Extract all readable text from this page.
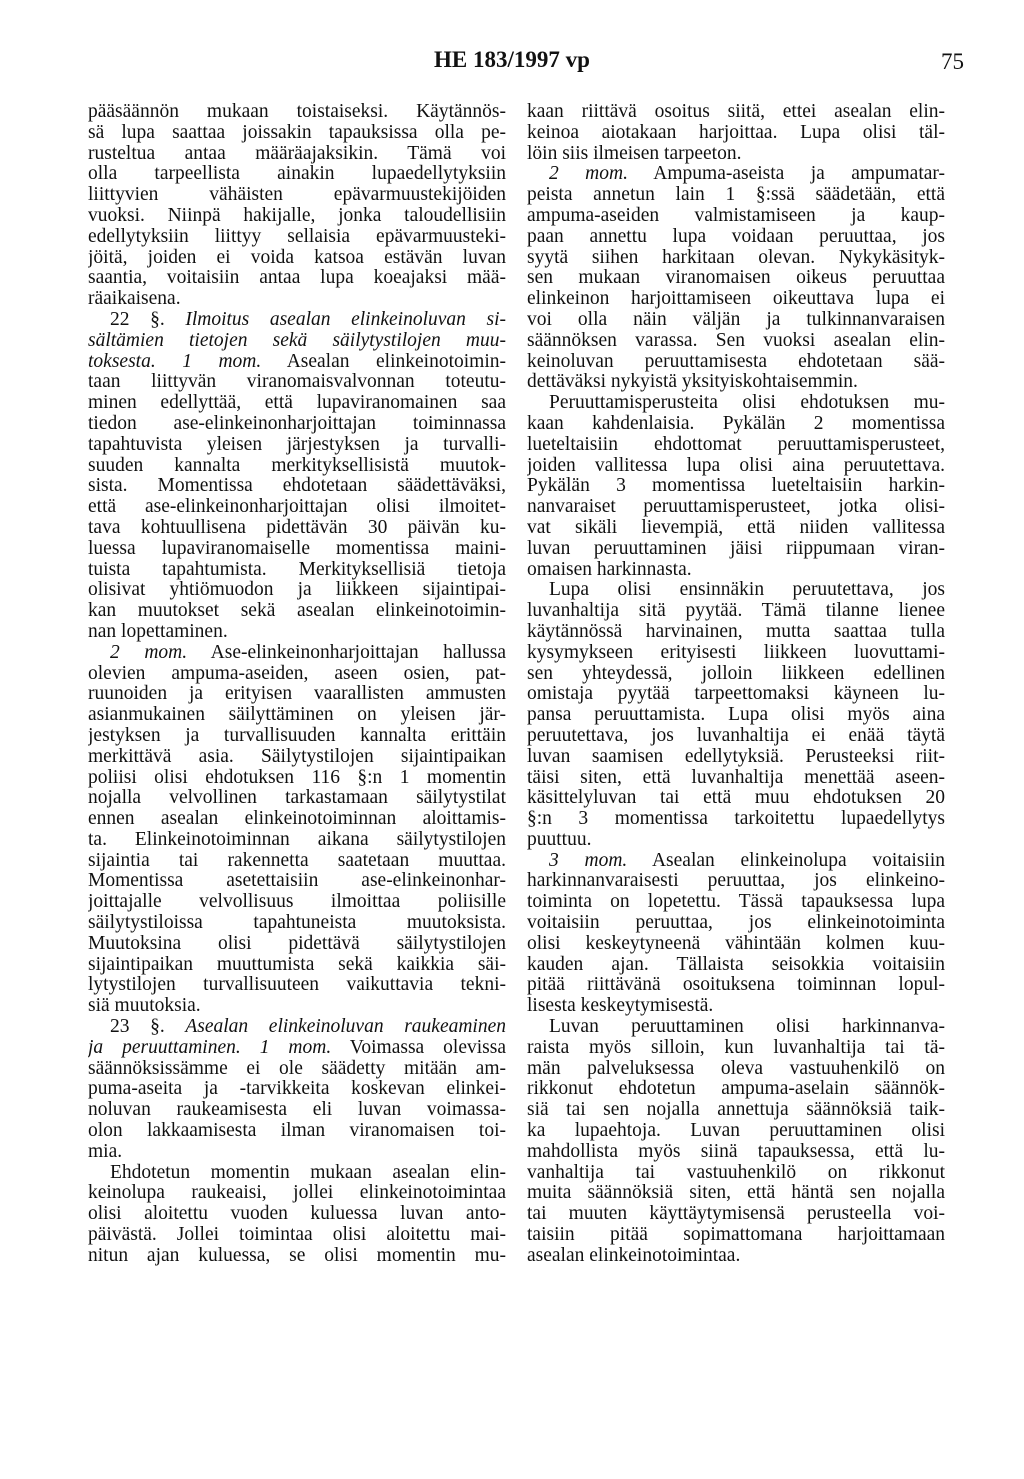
HE 183/1997 vp	75
pääsäännön mukaan toistaiseksi. Käytännös-
sä lupa saattaa joissakin tapauksissa olla pe-
rusteltua antaa määräajaksikin. Tämä voi
olla tarpeellista ainakin lupaedellytyksiin
liittyvien vähäisten epävarmuustekijöiden
vuoksi. Niinpä hakijalle, jonka taloudellisiin
edellytyksiin liittyy sellaisia epävarmuusteki-
jöitä, joiden ei voida katsoa estävän luvan
saantia, voitaisiin antaa lupa koeajaksi mää-
räaikaisena.
22 §. Ilmoitus asealan elinkeinoluvan si-
sältämien tietojen sekä säilytystilojen muu-
toksesta. 1 mom. Asealan elinkeinotoimin-
taan liittyvän viranomaisvalvonnan toteutu-
minen edellyttää, että lupaviranomainen saa
tiedon ase-elinkeinonharjoittajan toiminnassa
tapahtuvista yleisen järjestyksen ja turvalli-
suuden kannalta merkityksellisistä muutok-
sista. Momentissa ehdotetaan säädettäväksi,
että ase-elinkeinonharjoittajan olisi ilmoitet-
tava kohtuullisena pidettävän 30 päivän ku-
luessa lupaviranomaiselle momentissa maini-
tuista tapahtumista. Merkityksellisiä tietoja
olisivat yhtiömuodon ja liikkeen sijaintipai-
kan muutokset sekä asealan elinkeinotoimin-
nan lopettaminen.
2 mom. Ase-elinkeinonharjoittajan hallussa
olevien ampuma-aseiden, aseen osien, pat-
ruunoiden ja erityisen vaarallisten ammusten
asianmukainen säilyttäminen on yleisen jär-
jestyksen ja turvallisuuden kannalta erittäin
merkittävä asia. Säilytystilojen sijaintipaikan
poliisi olisi ehdotuksen 116 §:n 1 momentin
nojalla velvollinen tarkastamaan säilytystilat
ennen asealan elinkeinotoiminnan aloittamis-
ta. Elinkeinotoiminnan aikana säilytystilojen
sijaintia tai rakennetta saatetaan muuttaa.
Momentissa asetettaisiin ase-elinkeinonhar-
joittajalle velvollisuus ilmoittaa poliisille
säilytystiloissa tapahtuneista muutoksista.
Muutoksina olisi pidettävä säilytystilojen
sijaintipaikan muuttumista sekä kaikkia säi-
lytystilojen turvallisuuteen vaikuttavia tekni-
siä muutoksia.
23 §. Asealan elinkeinoluvan raukeaminen
ja peruuttaminen. 1 mom. Voimassa olevissa
säännöksissämme ei ole säädetty mitään am-
puma-aseita ja -tarvikkeita koskevan elinkei-
noluvan raukeamisesta eli luvan voimassa-
olon lakkaamisesta ilman viranomaisen toi-
mia.
Ehdotetun momentin mukaan asealan elin-
keinolupa raukeaisi, jollei elinkeinotoimintaa
olisi aloitettu vuoden kuluessa luvan anto-
päivästä. Jollei toimintaa olisi aloitettu mai-
nitun ajan kuluessa, se olisi momentin mu-
kaan riittävä osoitus siitä, ettei asealan elin-
keinoa aiotakaan harjoittaa. Lupa olisi täl-
löin siis ilmeisen tarpeeton.
2 mom. Ampuma-aseista ja ampumatar-
peista annetun lain 1 §:ssä säädetään, että
ampuma-aseiden valmistamiseen ja kaup-
paan annettu lupa voidaan peruuttaa, jos
syytä siihen harkitaan olevan. Nykykäsityk-
sen mukaan viranomaisen oikeus peruuttaa
elinkeinon harjoittamiseen oikeuttava lupa ei
voi olla näin väljän ja tulkinnanvaraisen
säännöksen varassa. Sen vuoksi asealan elin-
keinoluvan peruuttamisesta ehdotetaan sää-
dettäväksi nykyistä yksityiskohtaisemmin.
Peruuttamisperusteita olisi ehdotuksen mu-
kaan kahdenlaisia. Pykälän 2 momentissa
lueteltaisiin ehdottomat peruuttamisperusteet,
joiden vallitessa lupa olisi aina peruutettava.
Pykälän 3 momentissa lueteltaisiin harkin-
nanvaraiset peruuttamisperusteet, jotka olisi-
vat sikäli lievempiä, että niiden vallitessa
luvan peruuttaminen jäisi riippumaan viran-
omaisen harkinnasta.
Lupa olisi ensinnäkin peruutettava, jos
luvanhaltija sitä pyytää. Tämä tilanne lienee
käytännössä harvinainen, mutta saattaa tulla
kysymykseen erityisesti liikkeen luovuttami-
sen yhteydessä, jolloin liikkeen edellinen
omistaja pyytää tarpeettomaksi käyneen lu-
pansa peruuttamista. Lupa olisi myös aina
peruutettava, jos luvanhaltija ei enää täytä
luvan saamisen edellytyksiä. Perusteeksi riit-
täisi siten, että luvanhaltija menettää aseen-
käsittelyluvan tai että muu ehdotuksen 20
§:n 3 momentissa tarkoitettu lupaedellytys
puuttuu.
3 mom. Asealan elinkeinolupa voitaisiin
harkinnanvaraisesti peruuttaa, jos elinkeino-
toiminta on lopetettu. Tässä tapauksessa lupa
voitaisiin peruuttaa, jos elinkeinotoiminta
olisi keskeytyneenä vähintään kolmen kuu-
kauden ajan. Tällaista seisokkia voitaisiin
pitää riittävänä osoituksena toiminnan lopul-
lisesta keskeytymisestä.
Luvan peruuttaminen olisi harkinnanva-
raista myös silloin, kun luvanhaltija tai tä-
män palveluksessa oleva vastuuhenkilö on
rikkonut ehdotetun ampuma-aselain säännök-
siä tai sen nojalla annettuja säännöksiä taik-
ka lupaehtoja. Luvan peruuttaminen olisi
mahdollista myös siinä tapauksessa, että lu-
vanhaltija tai vastuuhenkilö on rikkonut
muita säännöksiä siten, että häntä sen nojalla
tai muuten käyttäytymisensä perusteella voi-
taisiin pitää sopimattomana harjoittamaan
asealan elinkeinotoimintaa.
